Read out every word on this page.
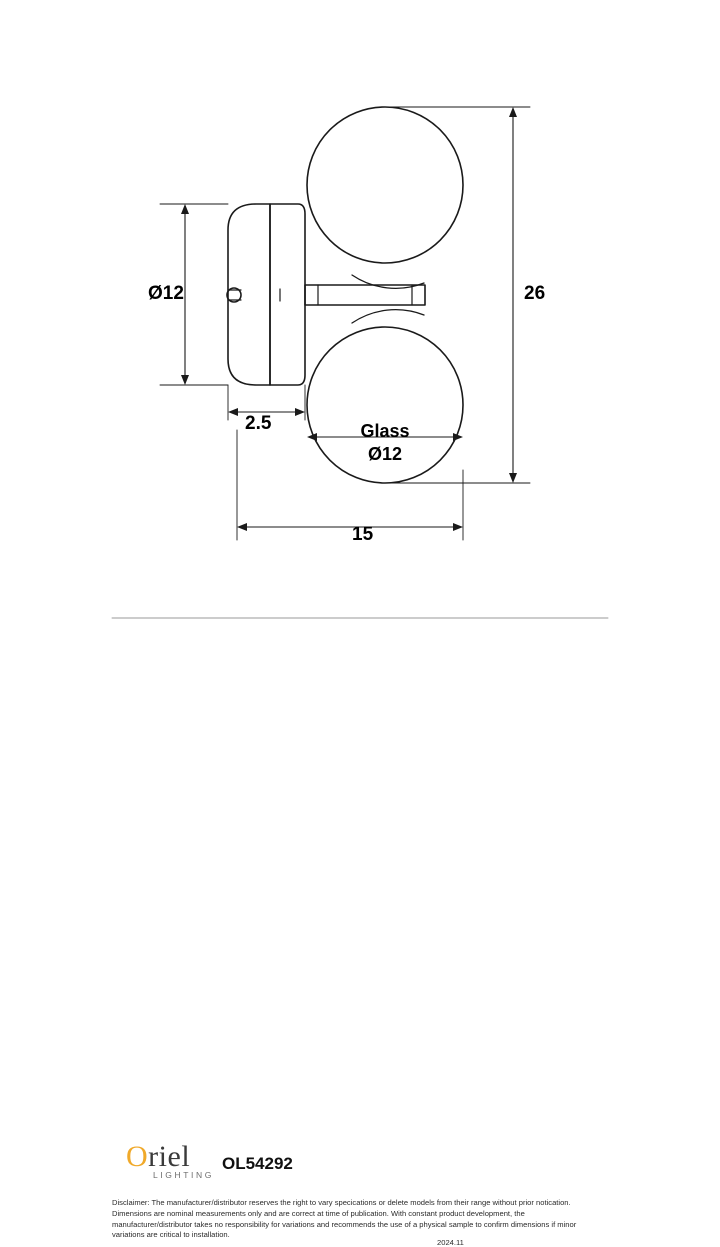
Ø12
2.5
26
15
Glass
Ø12
Oriel
LIGHTING
OL54292
Disclaimer: The manufacturer/distributor reserves the right to vary specications or delete models from their range without prior notication.
Dimensions are nominal measurements only and are correct at time of publication. With constant product development, the
manufacturer/distributor takes no responsibility for variations and recommends the use of a physical sample to confirm dimensions if minor
variations are critical to installation.
2024.11
